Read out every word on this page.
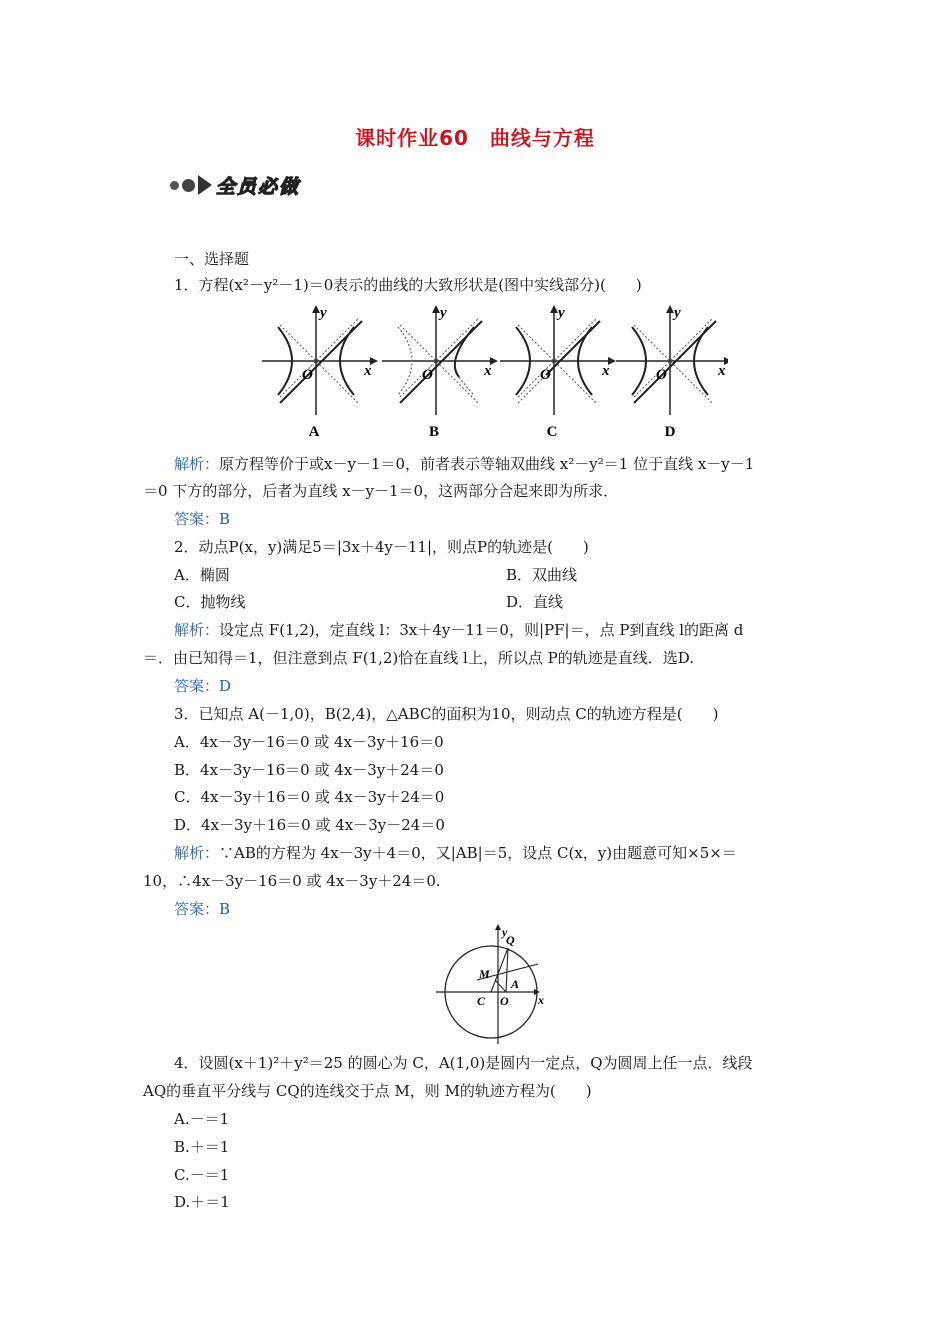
课时作业60　曲线与方程
全员必做
一、选择题
1．方程(x²－y²－1)＝0表示的曲线的大致形状是(图中实线部分)(　　)
y
x
O
y
x
O
y
x
O
y
x
O
A	B	C	D
解析：原方程等价于或x－y－1＝0，前者表示等轴双曲线 x²－y²＝1 位于直线 x－y－1
＝0 下方的部分，后者为直线 x－y－1＝0，这两部分合起来即为所求．
答案：B
2．动点P(x，y)满足5＝|3x＋4y－11|，则点P的轨迹是(　　)
A．椭圆	B．双曲线
C．抛物线	D．直线
解析：设定点 F(1,2)，定直线 l：3x＋4y－11＝0，则|PF|＝，点 P到直线 l的距离 d
＝．由已知得＝1，但注意到点 F(1,2)恰在直线 l上，所以点 P的轨迹是直线．选D.
答案：D
3．已知点 A(－1,0)，B(2,4)，△ABC的面积为10，则动点 C的轨迹方程是(　　)
A．4x－3y－16＝0 或 4x－3y＋16＝0
B．4x－3y－16＝0 或 4x－3y＋24＝0
C．4x－3y＋16＝0 或 4x－3y＋24＝0
D．4x－3y＋16＝0 或 4x－3y－24＝0
解析：∵AB的方程为 4x－3y＋4＝0，又|AB|＝5，设点 C(x，y)由题意可知×5×＝
10，∴4x－3y－16＝0 或 4x－3y＋24＝0.
答案：B
y
x
Q
M
A
C O
4．设圆(x＋1)²＋y²＝25 的圆心为 C，A(1,0)是圆内一定点，Q为圆周上任一点．线段
AQ的垂直平分线与 CQ的连线交于点 M，则 M的轨迹方程为(　　)
A.－＝1
B.＋＝1
C.－＝1
D.＋＝1
